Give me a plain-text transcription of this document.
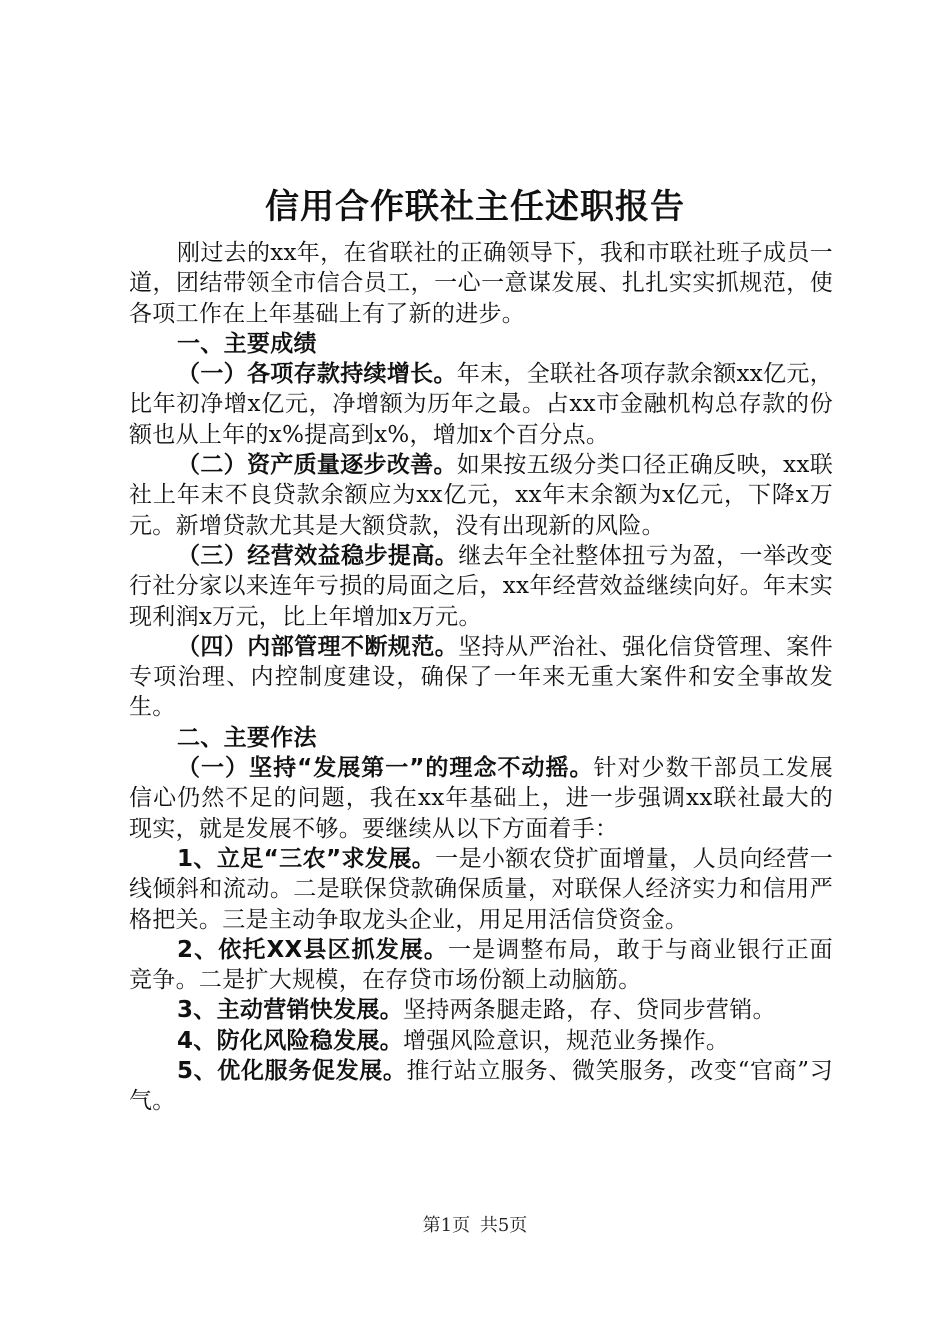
信用合作联社主任述职报告

刚过去的xx年，在省联社的正确领导下，我和市联社班子成员一道，团结带领全市信合员工，一心一意谋发展、扎扎实实抓规范，使各项工作在上年基础上有了新的进步。

一、主要成绩

（一）各项存款持续增长。年末，全联社各项存款余额xx亿元，比年初净增x亿元，净增额为历年之最。占xx市金融机构总存款的份额也从上年的x%提高到x%，增加x个百分点。

（二）资产质量逐步改善。如果按五级分类口径正确反映，xx联社上年末不良贷款余额应为xx亿元，xx年末余额为x亿元，下降x万元。新增贷款尤其是大额贷款，没有出现新的风险。

（三）经营效益稳步提高。继去年全社整体扭亏为盈，一举改变行社分家以来连年亏损的局面之后，xx年经营效益继续向好。年末实现利润x万元，比上年增加x万元。

（四）内部管理不断规范。坚持从严治社、强化信贷管理、案件专项治理、内控制度建设，确保了一年来无重大案件和安全事故发生。

二、主要作法

（一）坚持“发展第一”的理念不动摇。针对少数干部员工发展信心仍然不足的问题，我在xx年基础上，进一步强调xx联社最大的现实，就是发展不够。要继续从以下方面着手：

1、立足“三农”求发展。一是小额农贷扩面增量，人员向经营一线倾斜和流动。二是联保贷款确保质量，对联保人经济实力和信用严格把关。三是主动争取龙头企业，用足用活信贷资金。

2、依托XX县区抓发展。一是调整布局，敢于与商业银行正面竞争。二是扩大规模，在存贷市场份额上动脑筋。

3、主动营销快发展。坚持两条腿走路，存、贷同步营销。

4、防化风险稳发展。增强风险意识，规范业务操作。

5、优化服务促发展。推行站立服务、微笑服务，改变“官商”习气。

第1页 共5页
